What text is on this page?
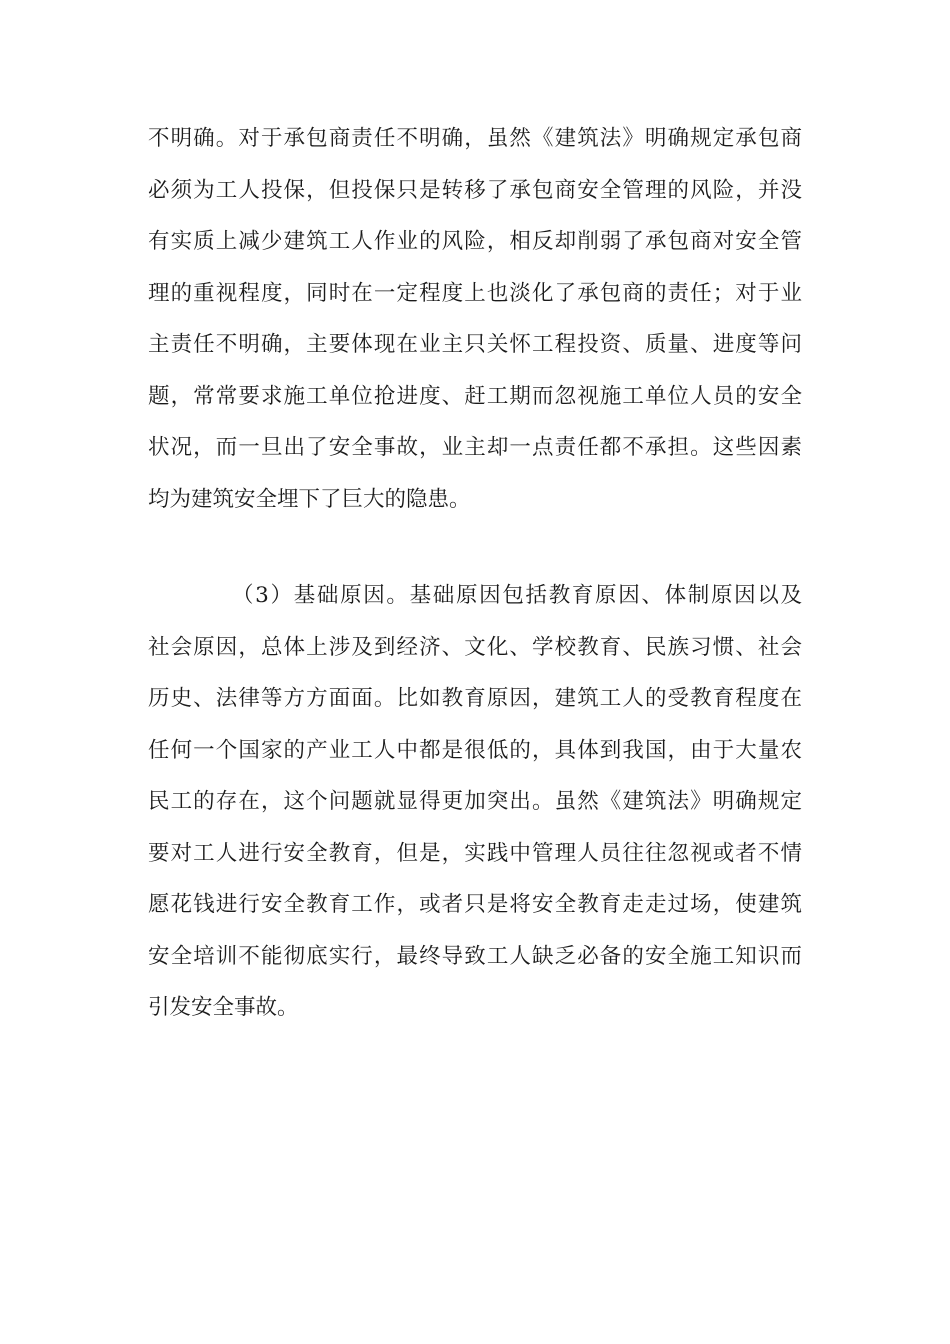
不明确。对于承包商责任不明确，虽然《建筑法》明确规定承包商
必须为工人投保，但投保只是转移了承包商安全管理的风险，并没
有实质上减少建筑工人作业的风险，相反却削弱了承包商对安全管
理的重视程度，同时在一定程度上也淡化了承包商的责任；对于业
主责任不明确，主要体现在业主只关怀工程投资、质量、进度等问
题，常常要求施工单位抢进度、赶工期而忽视施工单位人员的安全
状况，而一旦出了安全事故，业主却一点责任都不承担。这些因素
均为建筑安全埋下了巨大的隐患。

（3）基础原因。基础原因包括教育原因、体制原因以及
社会原因，总体上涉及到经济、文化、学校教育、民族习惯、社会
历史、法律等方方面面。比如教育原因，建筑工人的受教育程度在
任何一个国家的产业工人中都是很低的，具体到我国，由于大量农
民工的存在，这个问题就显得更加突出。虽然《建筑法》明确规定
要对工人进行安全教育，但是，实践中管理人员往往忽视或者不情
愿花钱进行安全教育工作，或者只是将安全教育走走过场，使建筑
安全培训不能彻底实行，最终导致工人缺乏必备的安全施工知识而
引发安全事故。
